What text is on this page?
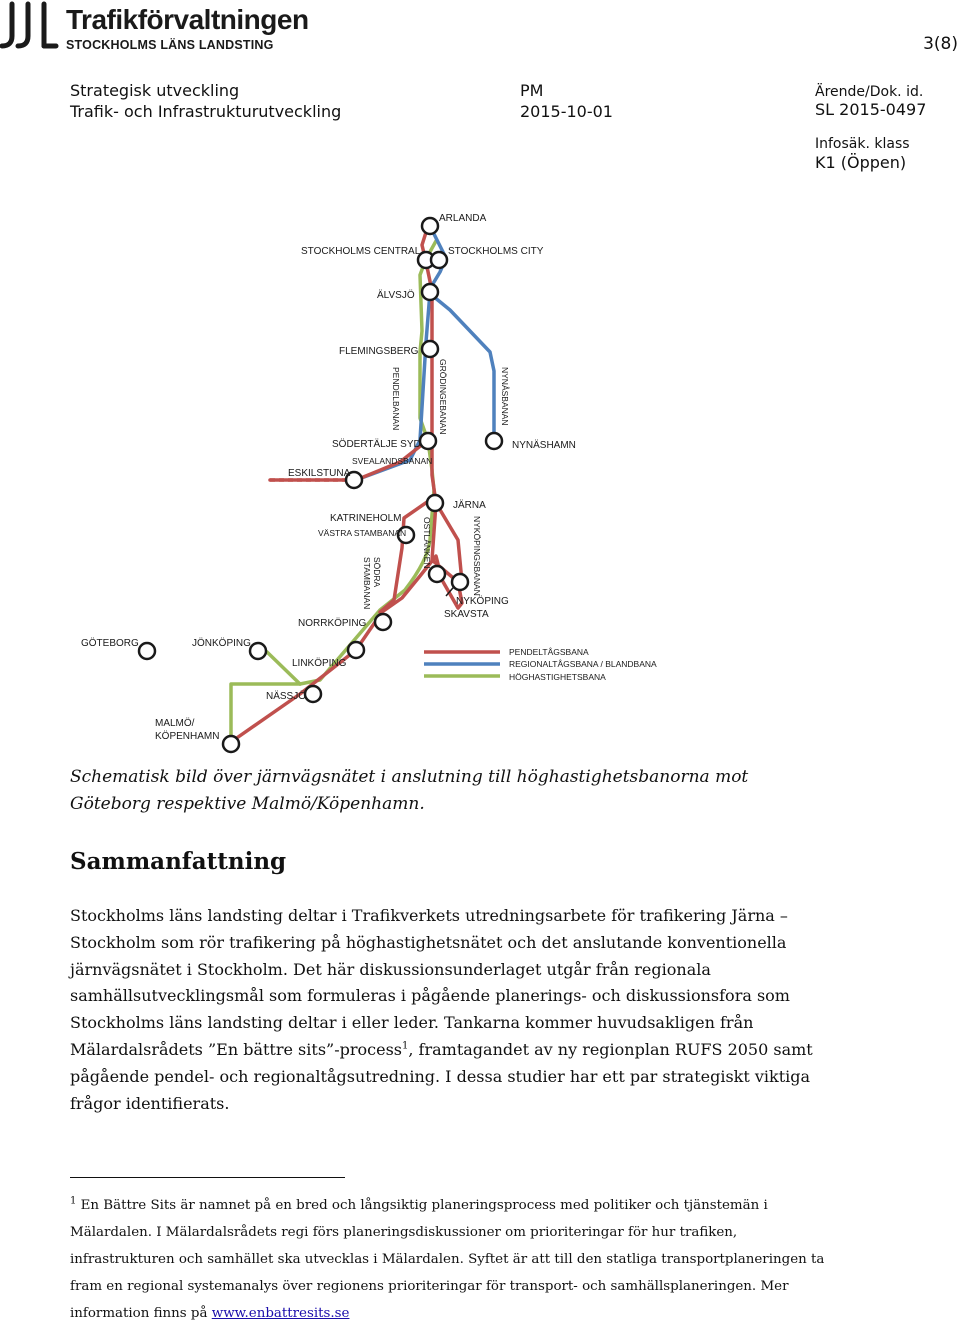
Trafikförvaltningen
STOCKHOLMS LÄNS LANDSTING	3(8)
Strategisk utveckling
Trafik- och Infrastrukturutveckling
PM
2015-10-01
Ärende/Dok. id.
SL 2015-0497
Infosäk. klass
K1 (Öppen)
ARLANDA
STOCKHOLMS CENTRAL	STOCKHOLMS CITY
ÄLVSJÖ
FLEMINGSBERG
SÖDERTÄLJE SYD
SVEALANDSBANAN
ESKILSTUNA
NYNÄSHAMN
JÄRNA
KATRINEHOLM
VÄSTRA STAMBANAN
NYKÖPING
SKAVSTA
NORRKÖPING
GÖTEBORG	JÖNKÖPING
LINKÖPING
NÄSSJÖ
MALMÖ/
KÖPENHAMN
PENDELBANAN	GRÖDINGEBANAN	NYNÅSBANAN
OSTLÄNKEN	NYKÖPINGSBANAN
SÖDRA
STAMBANAN
PENDELTÅGSBANA
REGIONALTÅGSBANA / BLANDBANA
HÖGHASTIGHETSBANA
Schematisk bild över järnvägsnätet i anslutning till höghastighetsbanorna mot Göteborg respektive Malmö/Köpenhamn.
Sammanfattning
Stockholms läns landsting deltar i Trafikverkets utredningsarbete för trafikering Järna – Stockholm som rör trafikering på höghastighetsnätet och det anslutande konventionella järnvägsnätet i Stockholm. Det här diskussionsunderlaget utgår från regionala samhällsutvecklingsmål som formuleras i pågående planerings- och diskussionsfora som Stockholms läns landsting deltar i eller leder. Tankarna kommer huvudsakligen från Mälardalsrådets ”En bättre sits”-process$^1$, framtagandet av ny regionplan RUFS 2050 samt pågående pendel- och regionaltågsutredning. I dessa studier har ett par strategiskt viktiga frågor identifierats.
$^1$ En Bättre Sits är namnet på en bred och långsiktig planeringsprocess med politiker och tjänstemän i Mälardalen. I Mälardalsrådets regi förs planeringsdiskussioner om prioriteringar för hur trafiken, infrastrukturen och samhället ska utvecklas i Mälardalen. Syftet är att till den statliga transportplaneringen ta fram en regional systemanalys över regionens prioriteringar för transport- och samhällsplaneringen. Mer information finns på www.enbattresits.se
